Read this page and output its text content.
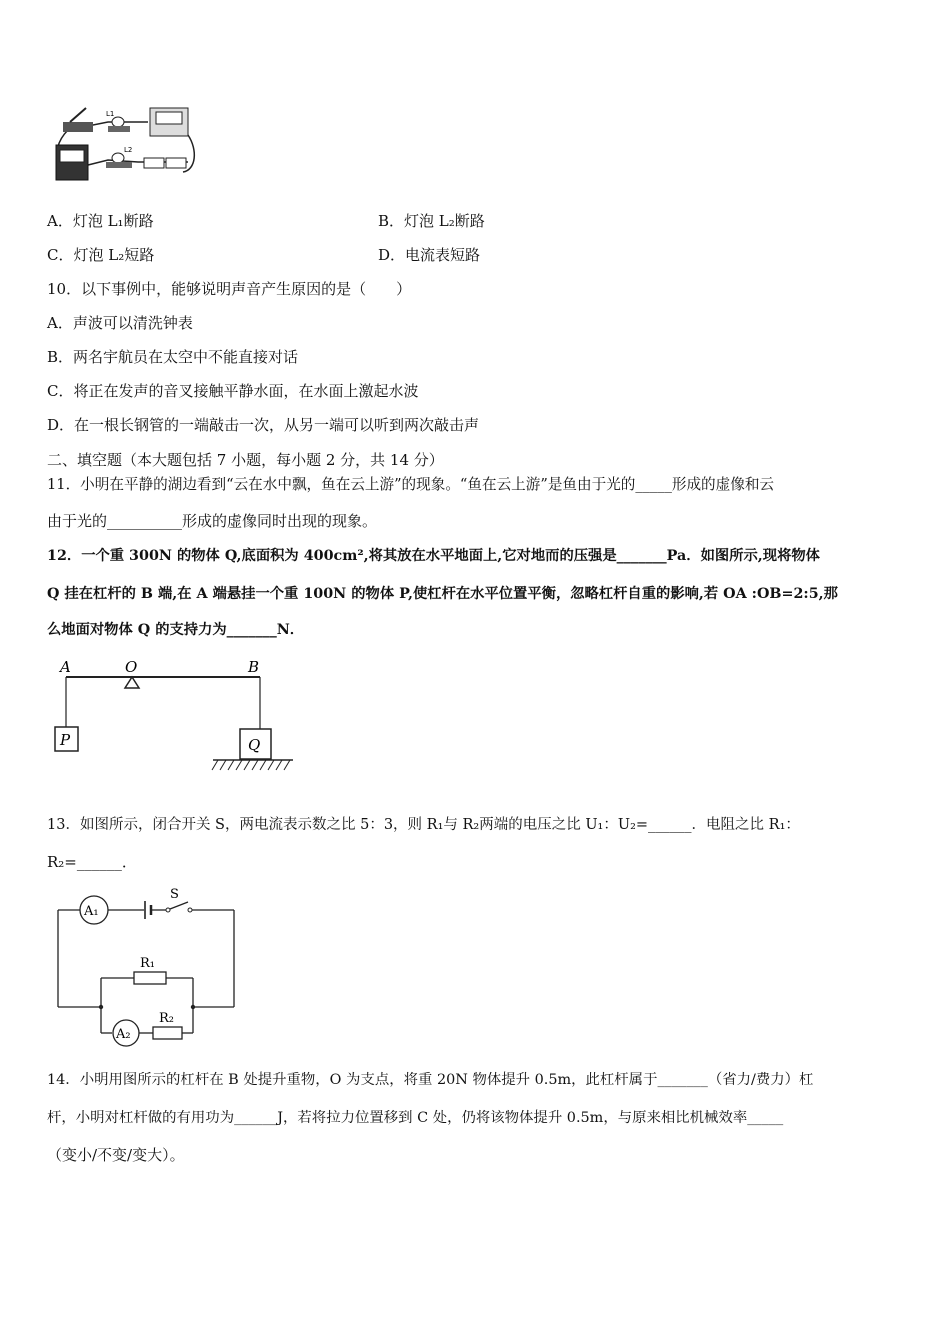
L1
L2
A．灯泡 L₁断路	B．灯泡 L₂断路
C．灯泡 L₂短路	D．电流表短路
10．以下事例中，能够说明声音产生原因的是（　　）
A．声波可以清洗钟表
B．两名宇航员在太空中不能直接对话
C．将正在发声的音叉接触平静水面，在水面上激起水波
D．在一根长钢管的一端敲击一次，从另一端可以听到两次敲击声
二、填空题（本大题包括 7 小题，每小题 2 分，共 14 分）
11．小明在平静的湖边看到“云在水中飘，鱼在云上游”的现象。“鱼在云上游”是鱼由于光的_____形成的虚像和云
由于光的__________形成的虚像同时出现的现象。
12．一个重 300N 的物体 Q,底面积为 400cm²,将其放在水平地面上,它对地而的压强是_______Pa．如图所示,现将物体
Q 挂在杠杆的 B 端,在 A 端悬挂一个重 100N 的物体 P,使杠杆在水平位置平衡，忽略杠杆自重的影响,若 OA :OB=2:5,那
么地面对物体 Q 的支持力为_______N．
A	O	B
P	Q
13．如图所示，闭合开关 S，两电流表示数之比 5：3，则 R₁与 R₂两端的电压之比 U₁：U₂=______．电阻之比 R₁：
R₂=______．
A₁
A₂
S
R₁
R₂
14．小明用图所示的杠杆在 B 处提升重物，O 为支点，将重 20N 物体提升 0.5m，此杠杆属于_______（省力/费力）杠
杆，小明对杠杆做的有用功为______J，若将拉力位置移到 C 处，仍将该物体提升 0.5m，与原来相比机械效率_____
（变小/不变/变大）。
